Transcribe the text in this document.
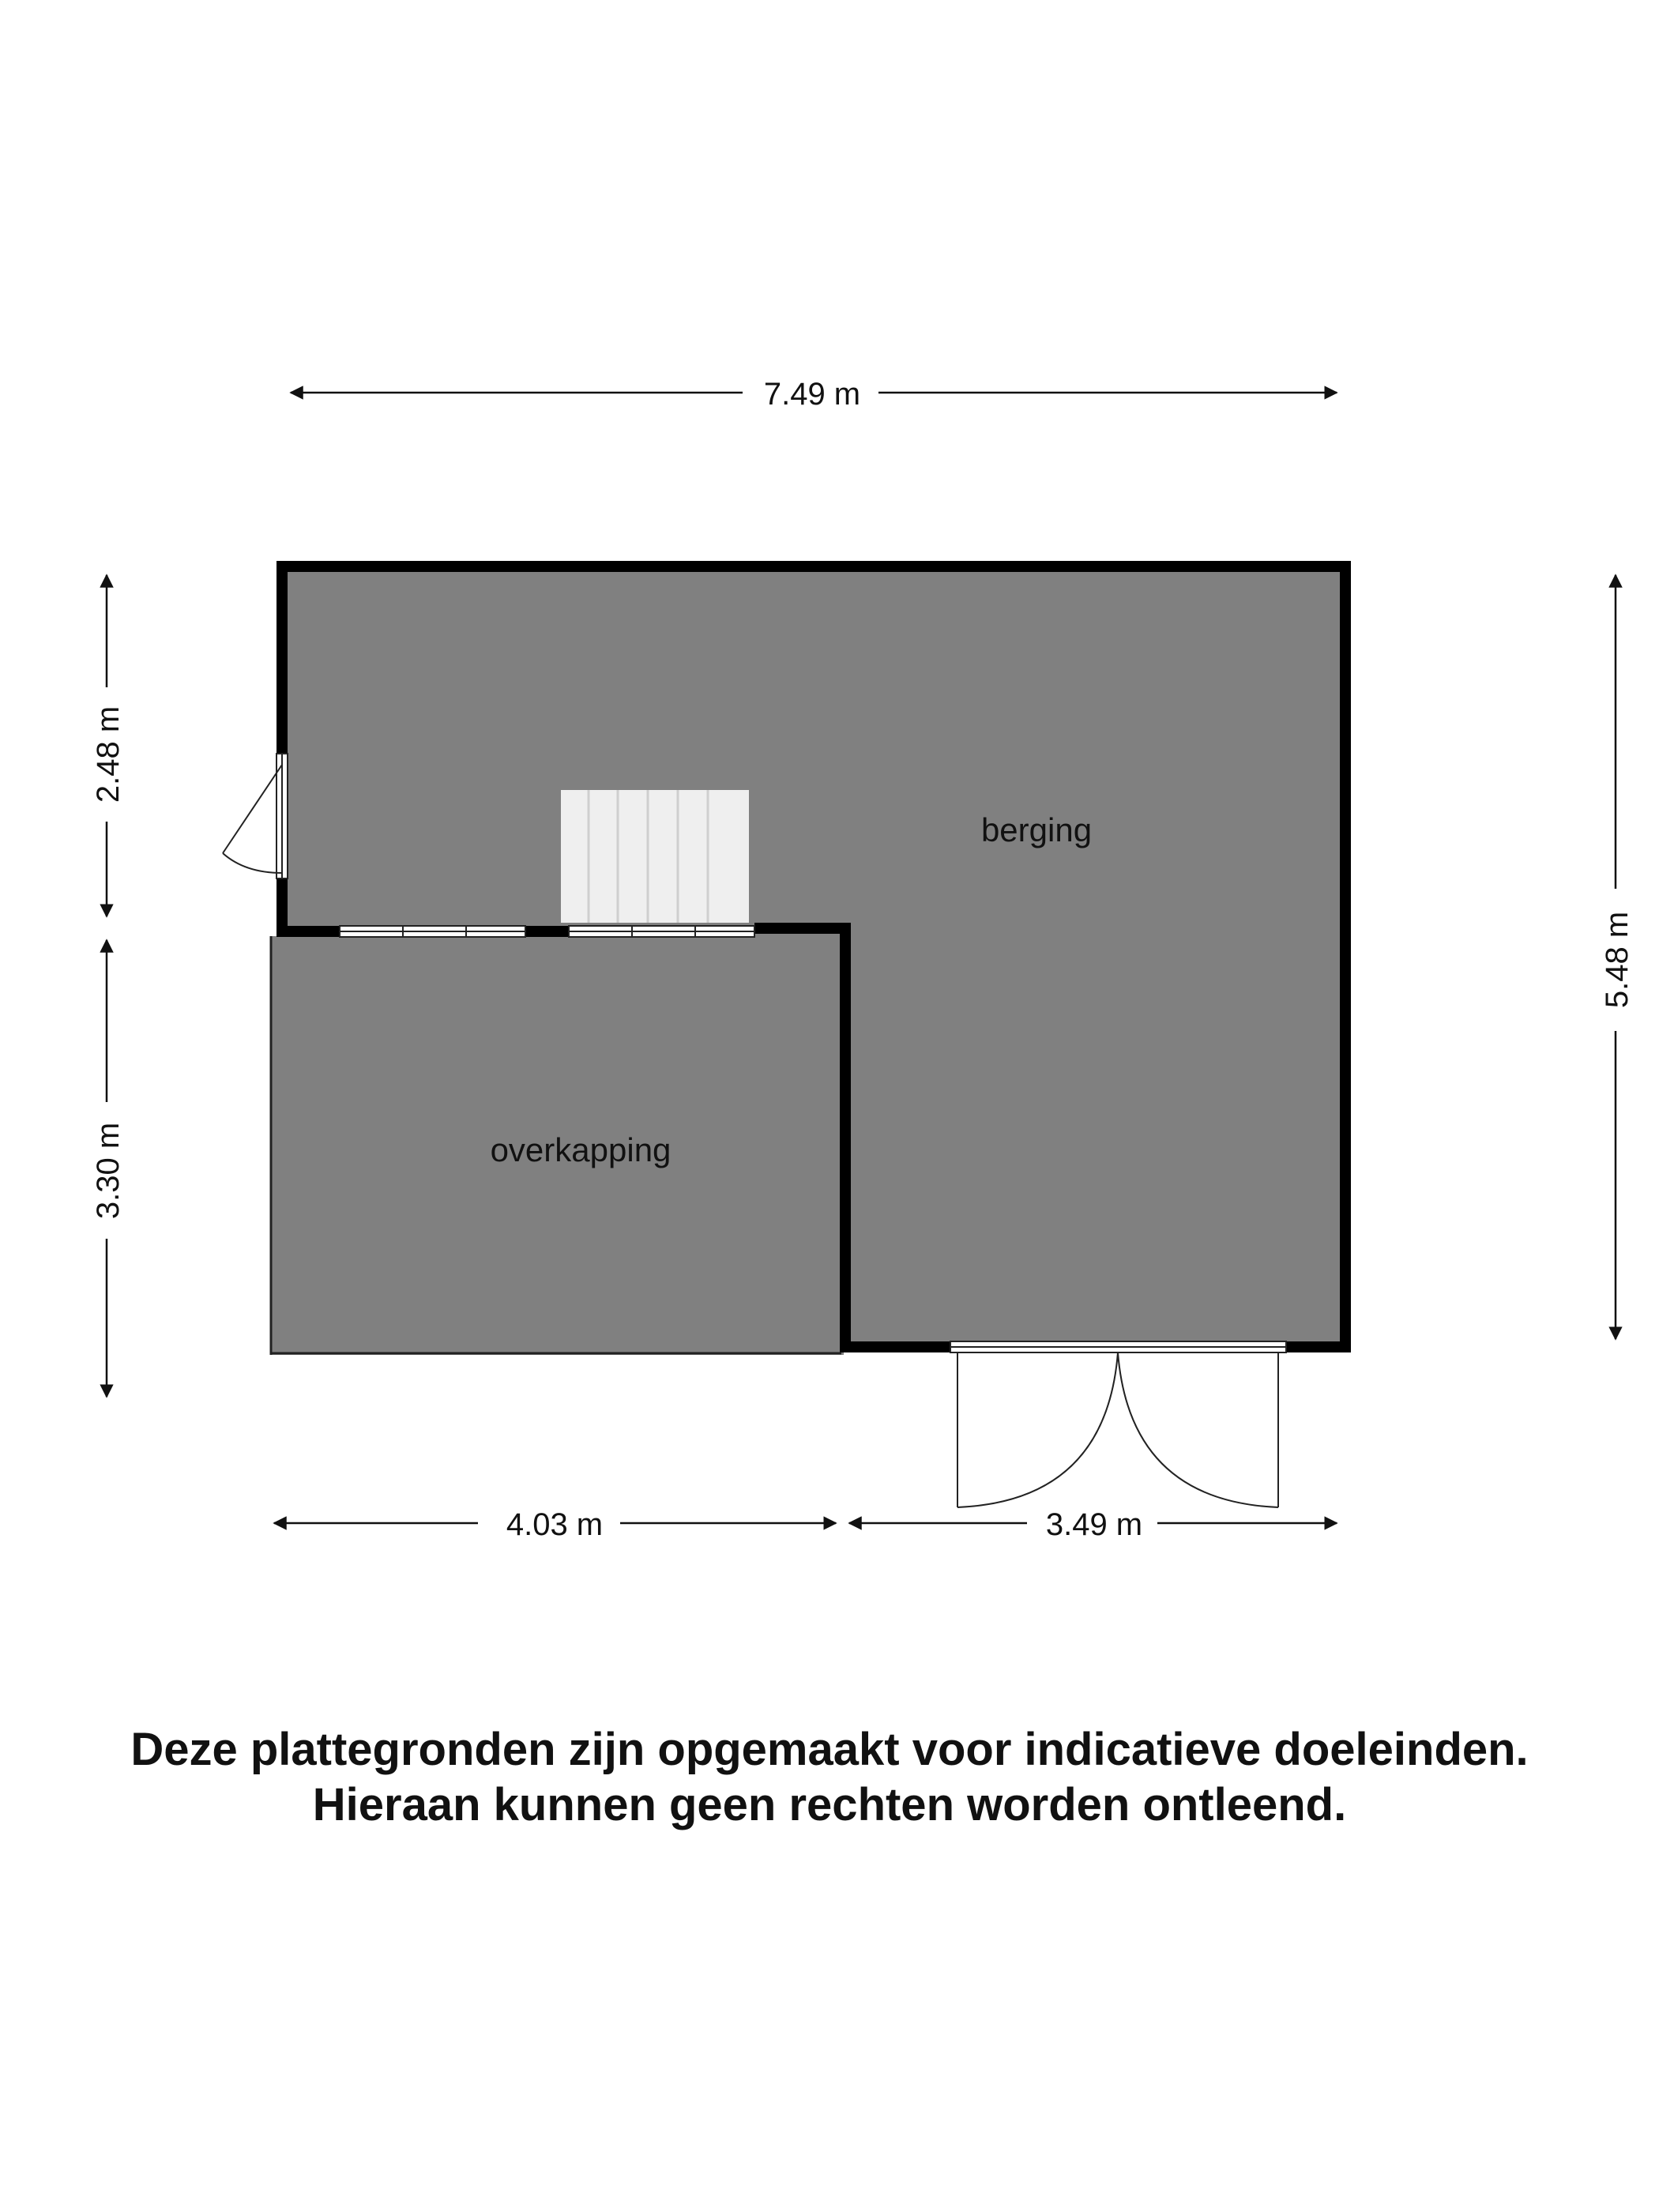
7.49 m
2.48 m
3.30 m
5.48 m
4.03 m	3.49 m
berging
overkapping
Deze plattegronden zijn opgemaakt voor indicatieve doeleinden.
Hieraan kunnen geen rechten worden ontleend.
